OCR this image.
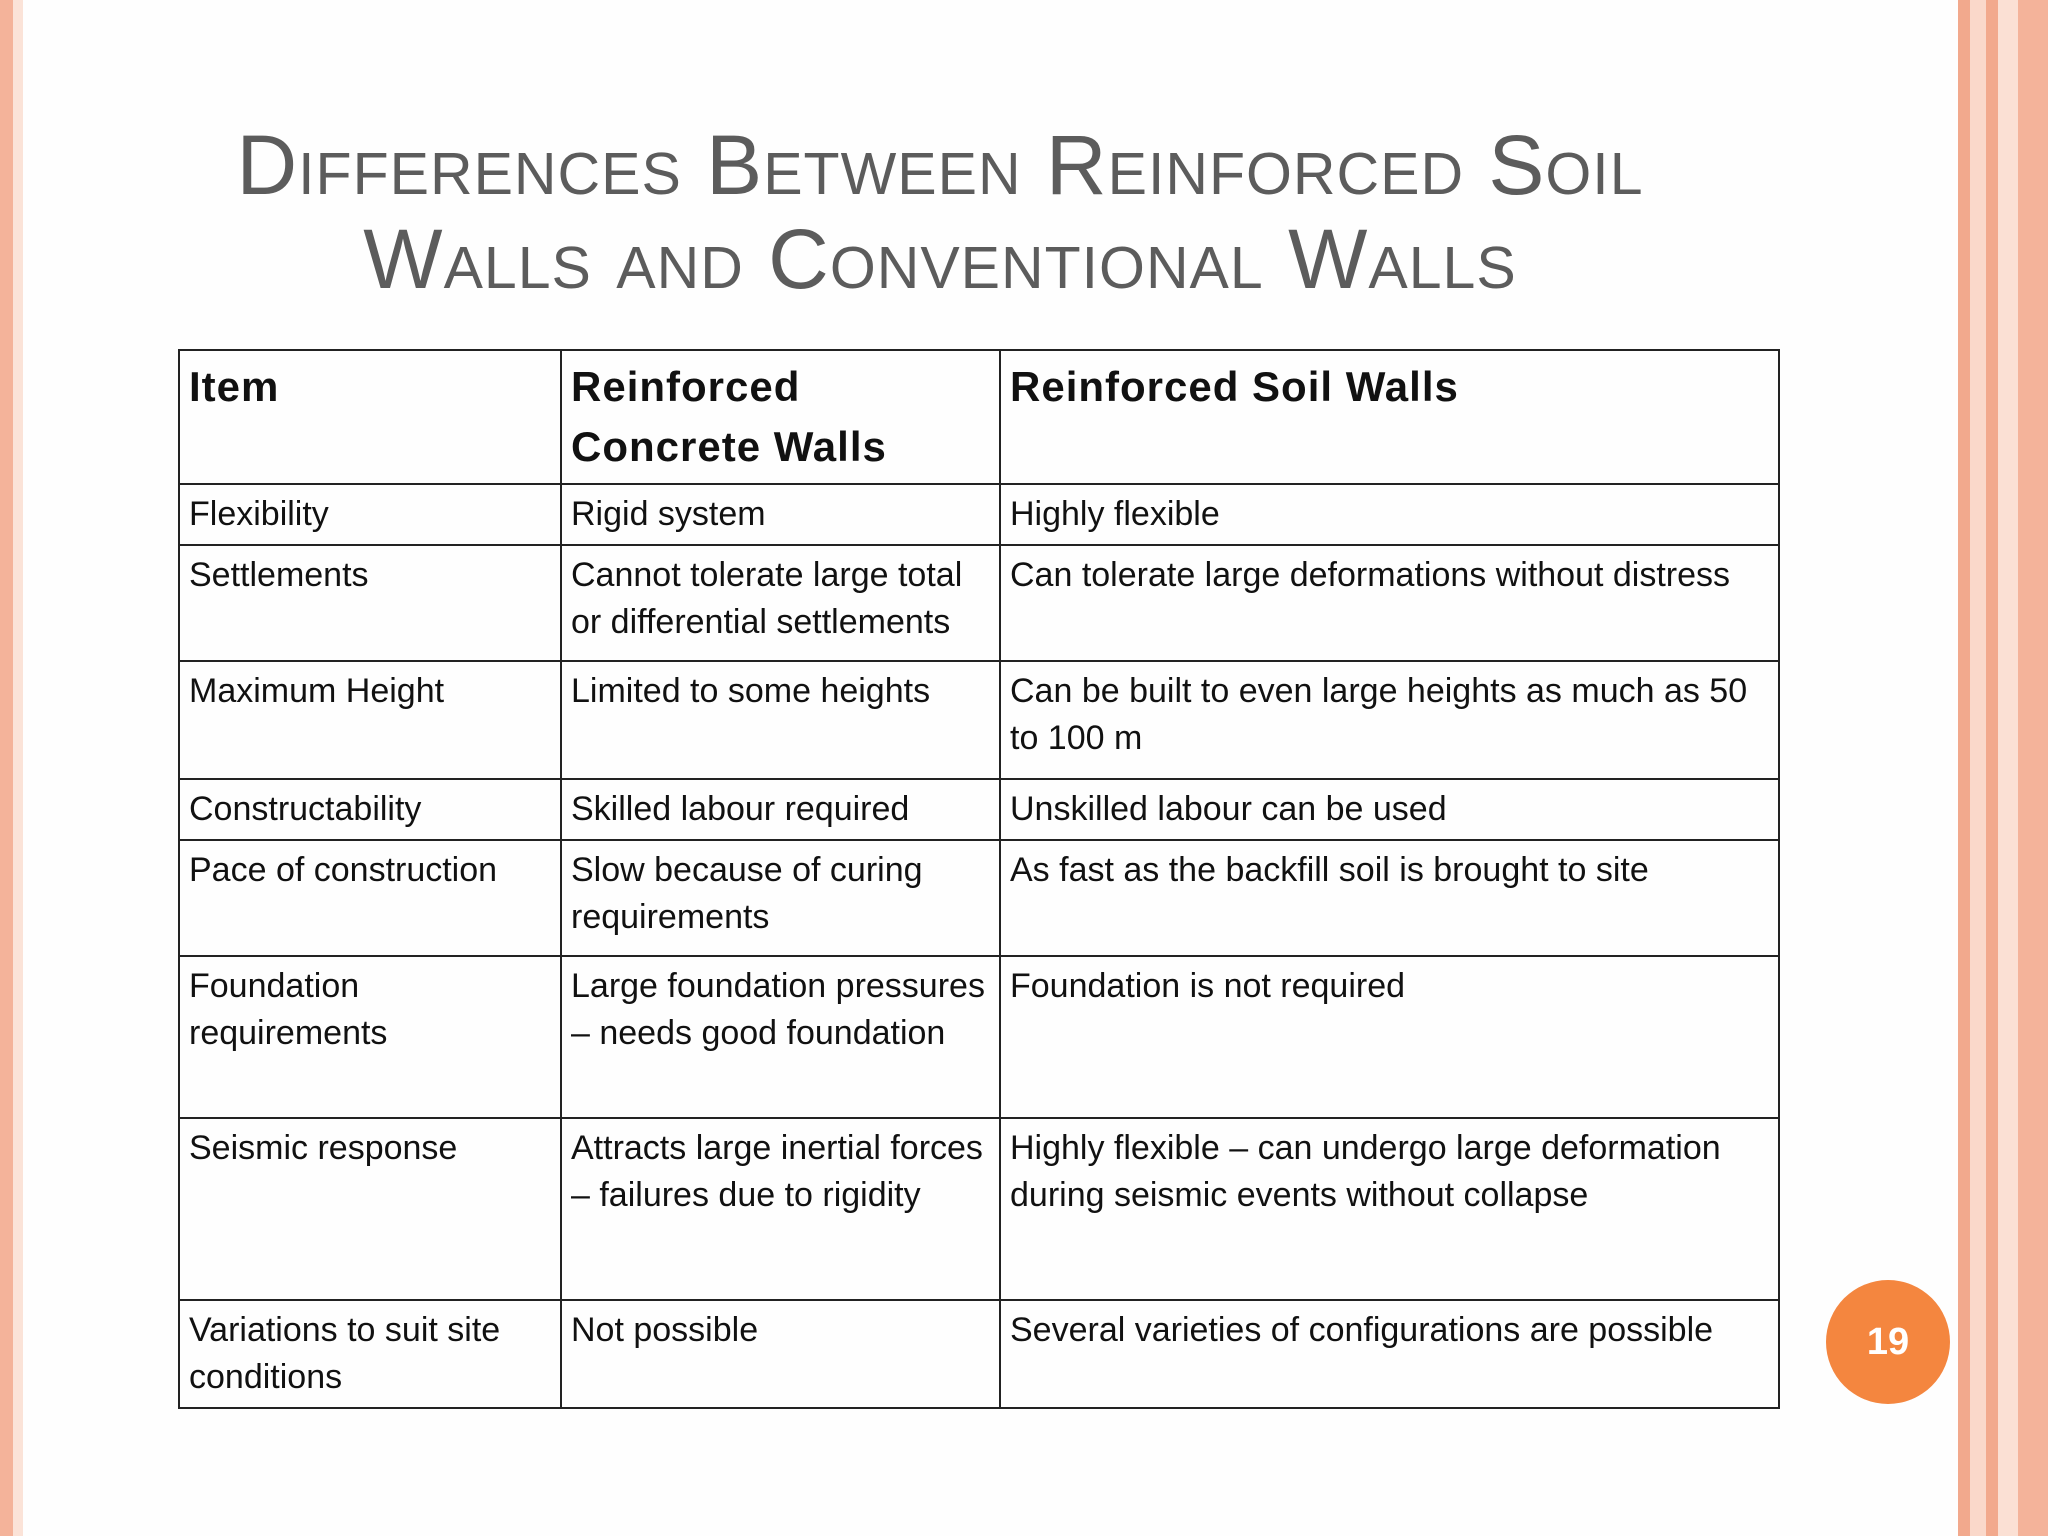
Differences Between Reinforced Soil
Walls and Conventional Walls
Item	Reinforced Concrete Walls	Reinforced Soil Walls
Flexibility	Rigid system	Highly flexible
Settlements	Cannot tolerate large total or differential settlements	Can tolerate large deformations without distress
Maximum Height	Limited to some heights	Can be built to even large heights as much as 50 to 100 m
Constructability	Skilled labour required	Unskilled labour can be used
Pace of construction	Slow because of curing requirements	As fast as the backfill soil is brought to site
Foundation requirements	Large foundation pressures – needs good foundation	Foundation is not required
Seismic response	Attracts large inertial forces – failures due to rigidity	Highly flexible – can undergo large deformation during seismic events without collapse
Variations to suit site conditions	Not possible	Several varieties of configurations are possible	19
